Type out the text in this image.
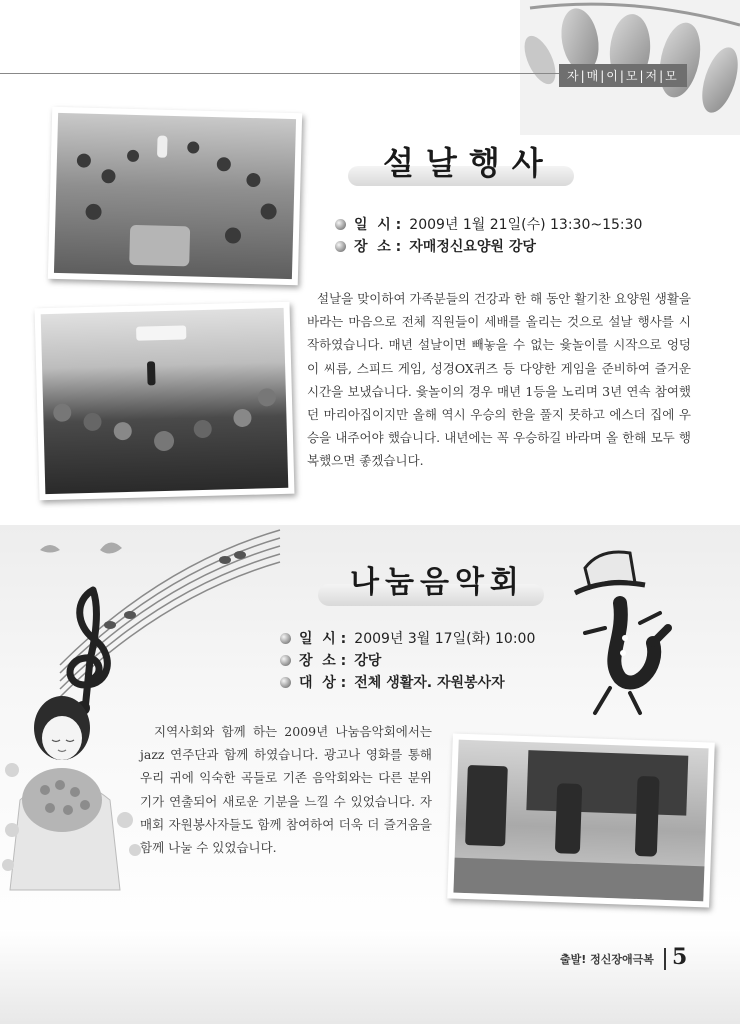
자|매|이|모|저|모
설날행사
일  시 : 2009년 1월 21일(수) 13:30~15:30
장  소 : 자매정신요양원 강당
설날을 맞이하여 가족분들의 건강과 한 해 동안 활기찬 요양원 생활을 바라는 마음으로 전체 직원들이 세배를 올리는 것으로 설날 행사를 시작하였습니다. 매년 설날이면 빼놓을 수 없는 윷놀이를 시작으로 엉덩이 씨름, 스피드 게임, 성경OX퀴즈 등 다양한 게임을 준비하여 즐거운 시간을 보냈습니다. 윷놀이의 경우 매년 1등을 노리며 3년 연속 참여했던 마리아집이지만 올해 역시 우승의 한을 풀지 못하고 에스더 집에 우승을 내주어야 했습니다. 내년에는 꼭 우승하길 바라며 올 한해 모두 행복했으면 좋겠습니다.
나눔음악회
일  시 : 2009년 3월 17일(화) 10:00
장  소 : 강당
대  상 : 전체 생활자. 자원봉사자
지역사회와 함께 하는 2009년 나눔음악회에서는 jazz 연주단과 함께 하였습니다. 광고나 영화를 통해 우리 귀에 익숙한 곡들로 기존 음악회와는 다른 분위기가 연출되어 새로운 기분을 느낄 수 있었습니다. 자매회 자원봉사자들도 함께 참여하여 더욱 더 즐거움을 함께 나눌 수 있었습니다.
출발! 정신장애극복 5
